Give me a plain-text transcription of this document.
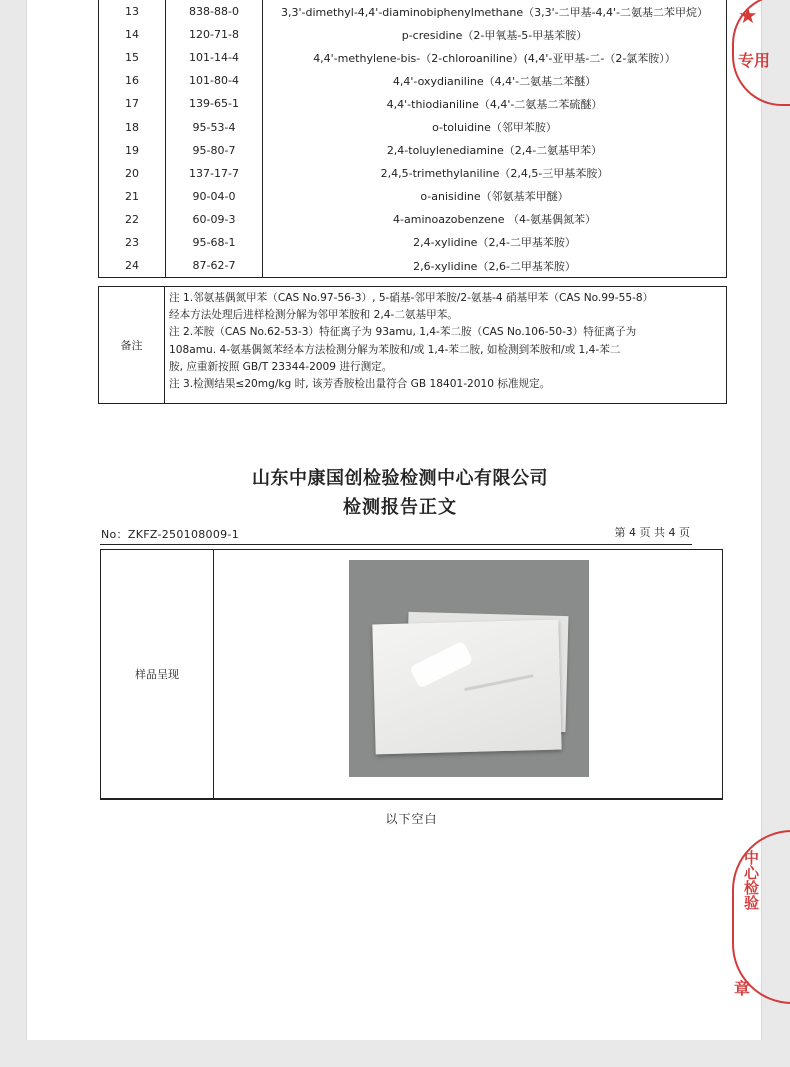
13	838-88-0	3,3'-dimethyl-4,4'-diaminobiphenylmethane（3,3'-二甲基-4,4'-二氨基二苯甲烷）
14	120-71-8	p-cresidine（2-甲氧基-5-甲基苯胺）
15	101-14-4	4,4'-methylene-bis-（2-chloroaniline）(4,4'-亚甲基-二-（2-氯苯胺））
16	101-80-4	4,4'-oxydianiline（4,4'-二氨基二苯醚）
17	139-65-1	4,4'-thiodianiline（4,4'-二氨基二苯硫醚）
18	95-53-4	o-toluidine（邻甲苯胺）
19	95-80-7	2,4-toluylenediamine（2,4-二氨基甲苯）
20	137-17-7	2,4,5-trimethylaniline（2,4,5-三甲基苯胺）
21	90-04-0	o-anisidine（邻氨基苯甲醚）
22	60-09-3	4-aminoazobenzene （4-氨基偶氮苯）
23	95-68-1	2,4-xylidine（2,4-二甲基苯胺）
24	87-62-7	2,6-xylidine（2,6-二甲基苯胺）
备注

注 1.邻氨基偶氮甲苯（CAS No.97-56-3）, 5-硝基-邻甲苯胺/2-氨基-4 硝基甲苯（CAS No.99-55-8）

经本方法处理后进样检测分解为邻甲苯胺和 2,4-二氨基甲苯。

注 2.苯胺（CAS No.62-53-3）特征离子为 93amu, 1,4-苯二胺（CAS No.106-50-3）特征离子为

108amu. 4-氨基偶氮苯经本方法检测分解为苯胺和/或 1,4-苯二胺, 如检测到苯胺和/或 1,4-苯二

胺, 应重新按照 GB/T 23344-2009 进行测定。

注 3.检测结果≤20mg/kg 时, 该芳香胺检出量符合 GB 18401-2010 标准规定。

山东中康国创检验检测中心有限公司
检测报告正文
No：ZKFZ-250108009-1	第 4 页 共 4 页
样品呈现
以下空白
★
专用
中心检验
章
